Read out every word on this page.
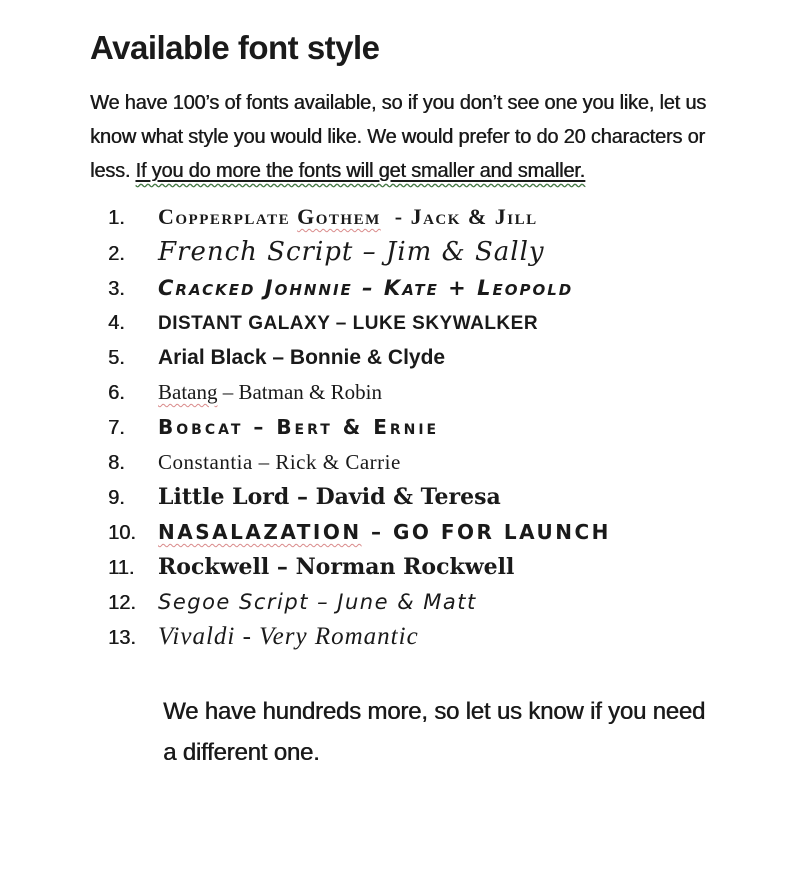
Available font style

We have 100’s of fonts available, so if you don’t see one you like, let us know what style you would like. We would prefer to do 20 characters or less. If you do more the fonts will get smaller and smaller.

1.	Copperplate Gothem  - Jack & Jill
2.	French Script – Jim & Sally
3.	Cracked Johnnie – Kate + Leopold
4.	DISTANT GALAXY – LUKE SKYWALKER
5.	Arial Black – Bonnie & Clyde
6.	Batang – Batman & Robin
7.	Bobcat – Bert & Ernie
8.	Constantia – Rick & Carrie
9.	Little Lord – David & Teresa
10.	NASALAZATION – GO FOR LAUNCH
11.	Rockwell – Norman Rockwell
12.	Segoe Script – June & Matt
13. Vivaldi - Very Romantic

We have hundreds more, so let us know if you need a different one.
